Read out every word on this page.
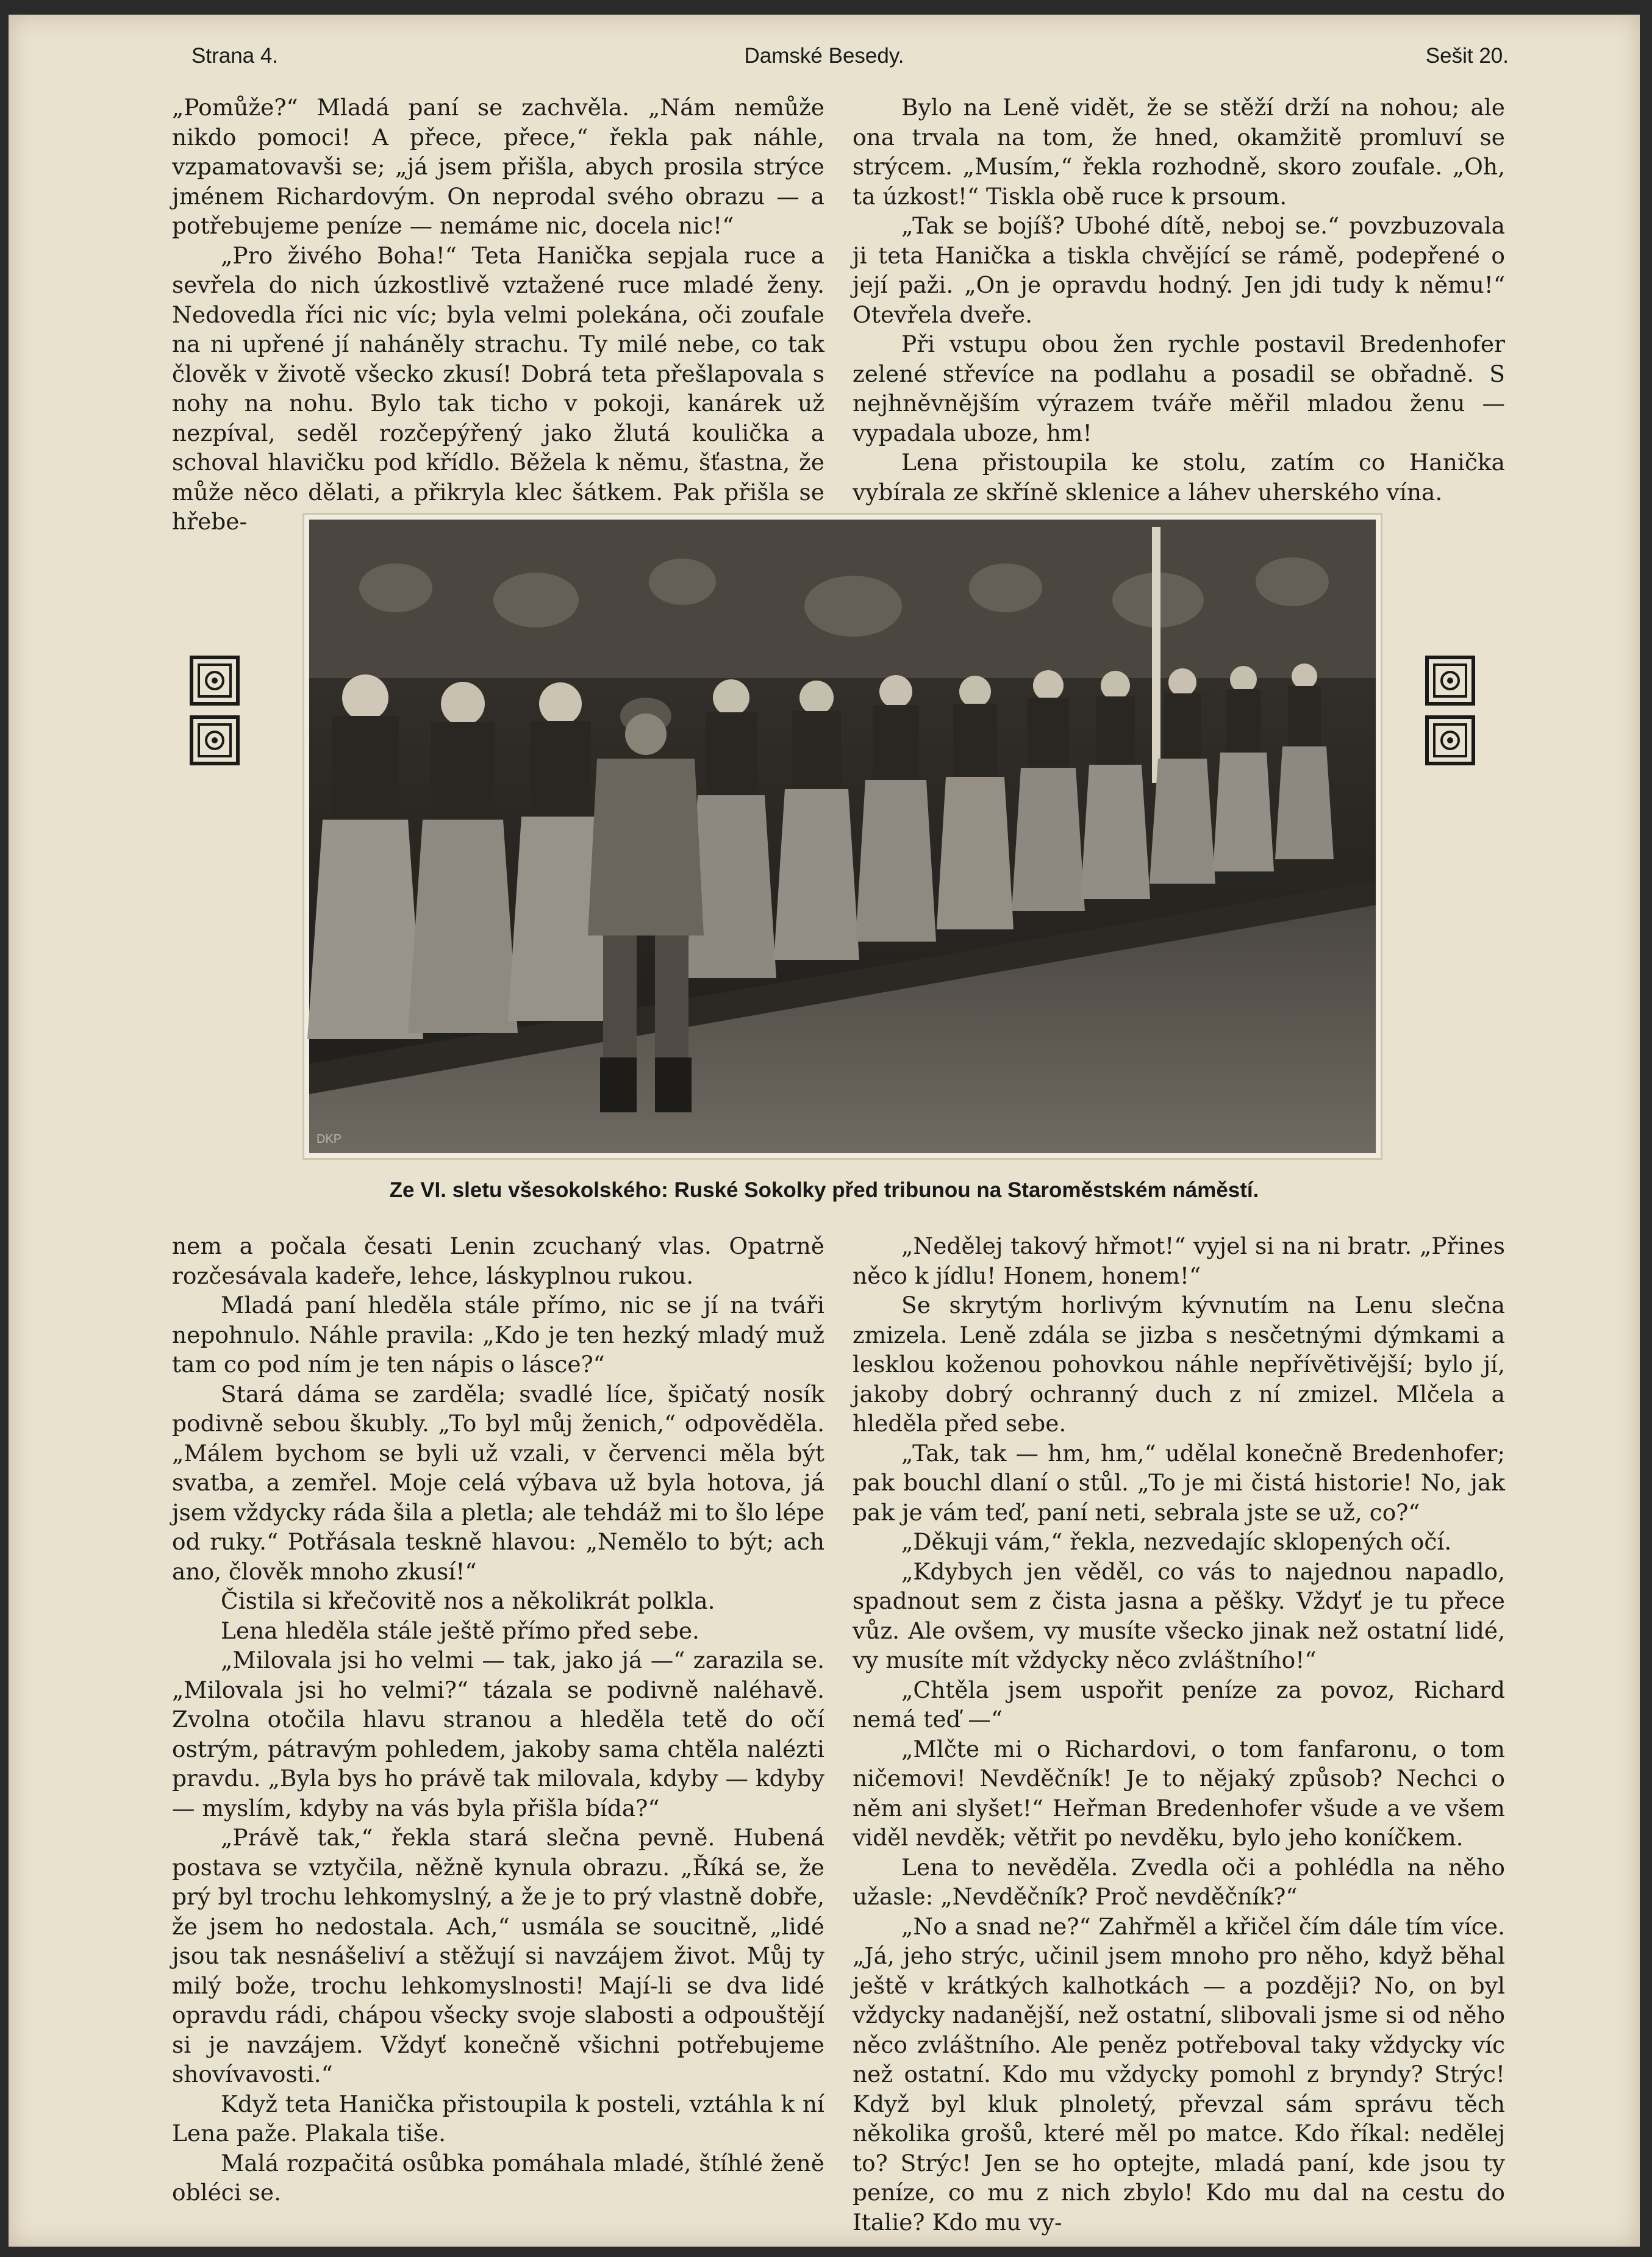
Strana 4.	Damské Besedy.	Sešit 20.

„Pomůže?“ Mladá paní se zachvěla. „Nám nemůže nikdo pomoci! A přece, přece,“ řekla pak náhle, vzpamatovavši se; „já jsem přišla, abych prosila strýce jménem Richardovým. On neprodal svého obrazu — a potřebujeme peníze — nemáme nic, docela nic!“

„Pro živého Boha!“ Teta Hanička sepjala ruce a sevřela do nich úzkostlivě vztažené ruce mladé ženy. Nedovedla říci nic víc; byla velmi polekána, oči zoufale na ni upřené jí naháněly strachu. Ty milé nebe, co tak člověk v životě všecko zkusí! Dobrá teta přešlapovala s nohy na nohu. Bylo tak ticho v pokoji, kanárek už nezpíval, seděl rozčepýřený jako žlutá koulička a schoval hlavičku pod křídlo. Běžela k němu, šťastna, že může něco dělati, a přikryla klec šátkem. Pak přišla se hřebe-

Bylo na Leně vidět, že se stěží drží na nohou; ale ona trvala na tom, že hned, okamžitě promluví se strýcem. „Musím,“ řekla rozhodně, skoro zoufale. „Oh, ta úzkost!“ Tiskla obě ruce k prsoum.

„Tak se bojíš? Ubohé dítě, neboj se.“ povzbuzovala ji teta Hanička a tiskla chvějící se rámě, podepřené o její paži. „On je opravdu hodný. Jen jdi tudy k němu!“ Otevřela dveře.

Při vstupu obou žen rychle postavil Bredenhofer zelené střevíce na podlahu a posadil se obřadně. S nejhněvnějším výrazem tváře měřil mladou ženu — vypadala uboze, hm!

Lena přistoupila ke stolu, zatím co Hanička vybírala ze skříně sklenice a láhev uherského vína.

DKP
Ze VI. sletu všesokolského: Ruské Sokolky před tribunou na Staroměstském náměstí.

nem a počala česati Lenin zcuchaný vlas. Opatrně rozčesávala kadeře, lehce, láskyplnou rukou.

Mladá paní hleděla stále přímo, nic se jí na tváři nepohnulo. Náhle pravila: „Kdo je ten hezký mladý muž tam co pod ním je ten nápis o lásce?“

Stará dáma se zarděla; svadlé líce, špičatý nosík podivně sebou škubly. „To byl můj ženich,“ odpověděla. „Málem bychom se byli už vzali, v červenci měla být svatba, a zemřel. Moje celá výbava už byla hotova, já jsem vždycky ráda šila a pletla; ale tehdáž mi to šlo lépe od ruky.“ Potřásala teskně hlavou: „Nemělo to být; ach ano, člověk mnoho zkusí!“

Čistila si křečovitě nos a několikrát polkla.

Lena hleděla stále ještě přímo před sebe.

„Milovala jsi ho velmi — tak, jako já —“ zarazila se. „Milovala jsi ho velmi?“ tázala se podivně naléhavě. Zvolna otočila hlavu stranou a hleděla tetě do očí ostrým, pátravým pohledem, jakoby sama chtěla nalézti pravdu. „Byla bys ho právě tak milovala, kdyby — kdyby — myslím, kdyby na vás byla přišla bída?“

„Právě tak,“ řekla stará slečna pevně. Hubená postava se vztyčila, něžně kynula obrazu. „Říká se, že prý byl trochu lehkomyslný, a že je to prý vlastně dobře, že jsem ho nedostala. Ach,“ usmála se soucitně, „lidé jsou tak nesnášeliví a stěžují si navzájem život. Můj ty milý bože, trochu lehkomyslnosti! Mají-li se dva lidé opravdu rádi, chápou všecky svoje slabosti a odpouštějí si je navzájem. Vždyť konečně všichni potřebujeme shovívavosti.“

Když teta Hanička přistoupila k posteli, vztáhla k ní Lena paže. Plakala tiše.

Malá rozpačitá osůbka pomáhala mladé, štíhlé ženě obléci se.

„Nedělej takový hřmot!“ vyjel si na ni bratr. „Přines něco k jídlu! Honem, honem!“

Se skrytým horlivým kývnutím na Lenu slečna zmizela. Leně zdála se jizba s nesčetnými dýmkami a lesklou koženou pohovkou náhle nepřívětivější; bylo jí, jakoby dobrý ochranný duch z ní zmizel. Mlčela a hleděla před sebe.

„Tak, tak — hm, hm,“ udělal konečně Bredenhofer; pak bouchl dlaní o stůl. „To je mi čistá historie! No, jak pak je vám teď, paní neti, sebrala jste se už, co?“

„Děkuji vám,“ řekla, nezvedajíc sklopených očí.

„Kdybych jen věděl, co vás to najednou napadlo, spadnout sem z čista jasna a pěšky. Vždyť je tu přece vůz. Ale ovšem, vy musíte všecko jinak než ostatní lidé, vy musíte mít vždycky něco zvláštního!“

„Chtěla jsem uspořit peníze za povoz, Richard nemá teď —“

„Mlčte mi o Richardovi, o tom fanfaronu, o tom ničemovi! Nevděčník! Je to nějaký způsob? Nechci o něm ani slyšet!“ Heřman Bredenhofer všude a ve všem viděl nevděk; větřit po nevděku, bylo jeho koníčkem.

Lena to nevěděla. Zvedla oči a pohlédla na něho užasle: „Nevděčník? Proč nevděčník?“

„No a snad ne?“ Zahřměl a křičel čím dále tím více. „Já, jeho strýc, učinil jsem mnoho pro něho, když běhal ještě v krátkých kalhotkách — a později? No, on byl vždycky nadanější, než ostatní, slibovali jsme si od něho něco zvláštního. Ale peněz potřeboval taky vždycky víc než ostatní. Kdo mu vždycky pomohl z bryndy? Strýc! Když byl kluk plnoletý, převzal sám správu těch několika grošů, které měl po matce. Kdo říkal: nedělej to? Strýc! Jen se ho optejte, mladá paní, kde jsou ty peníze, co mu z nich zbylo! Kdo mu dal na cestu do Italie? Kdo mu vy-
